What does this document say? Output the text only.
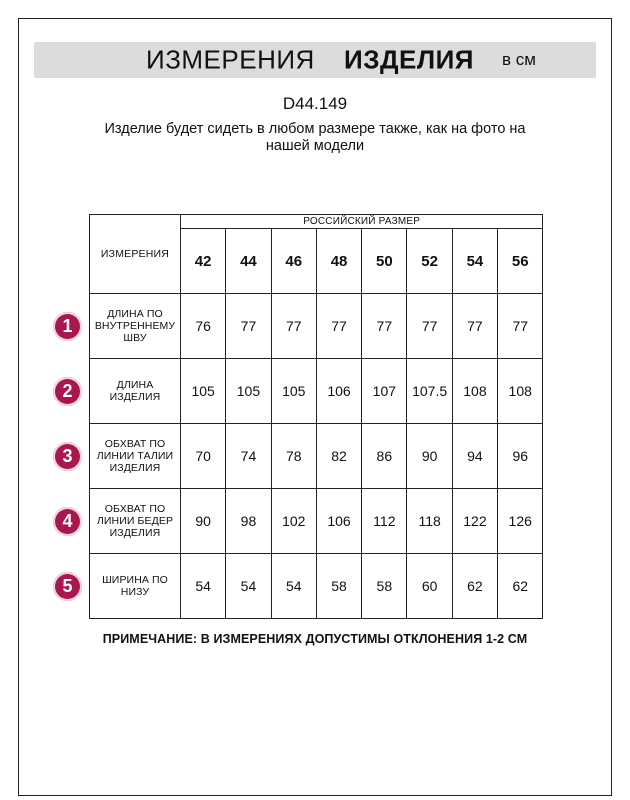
ИЗМЕРЕНИЯ ИЗДЕЛИЯ в см
D44.149
Изделие будет сидеть в любом размере также, как на фото на
нашей модели
ИЗМЕРЕНИЯ	РОССИЙСКИЙ РАЗМЕР							
	42	44	46	48	50	52	54	56

ДЛИНА ПО
ВНУТРЕННЕМУ
ШВУ	76	77	77	77	77	77	77	77

ДЛИНА
ИЗДЕЛИЯ	105	105	105	106	107	107.5	108	108

ОБХВАТ ПО
ЛИНИИ ТАЛИИ
ИЗДЕЛИЯ	70	74	78	82	86	90	94	96

ОБХВАТ ПО
ЛИНИИ БЕДЕР
ИЗДЕЛИЯ	90	98	102	106	112	118	122	126

ШИРИНА ПО
НИЗУ	54	54	54	58	58	60	62	62
1
2
3
4
5
ПРИМЕЧАНИЕ: В ИЗМЕРЕНИЯХ ДОПУСТИМЫ ОТКЛОНЕНИЯ 1-2 СМ
